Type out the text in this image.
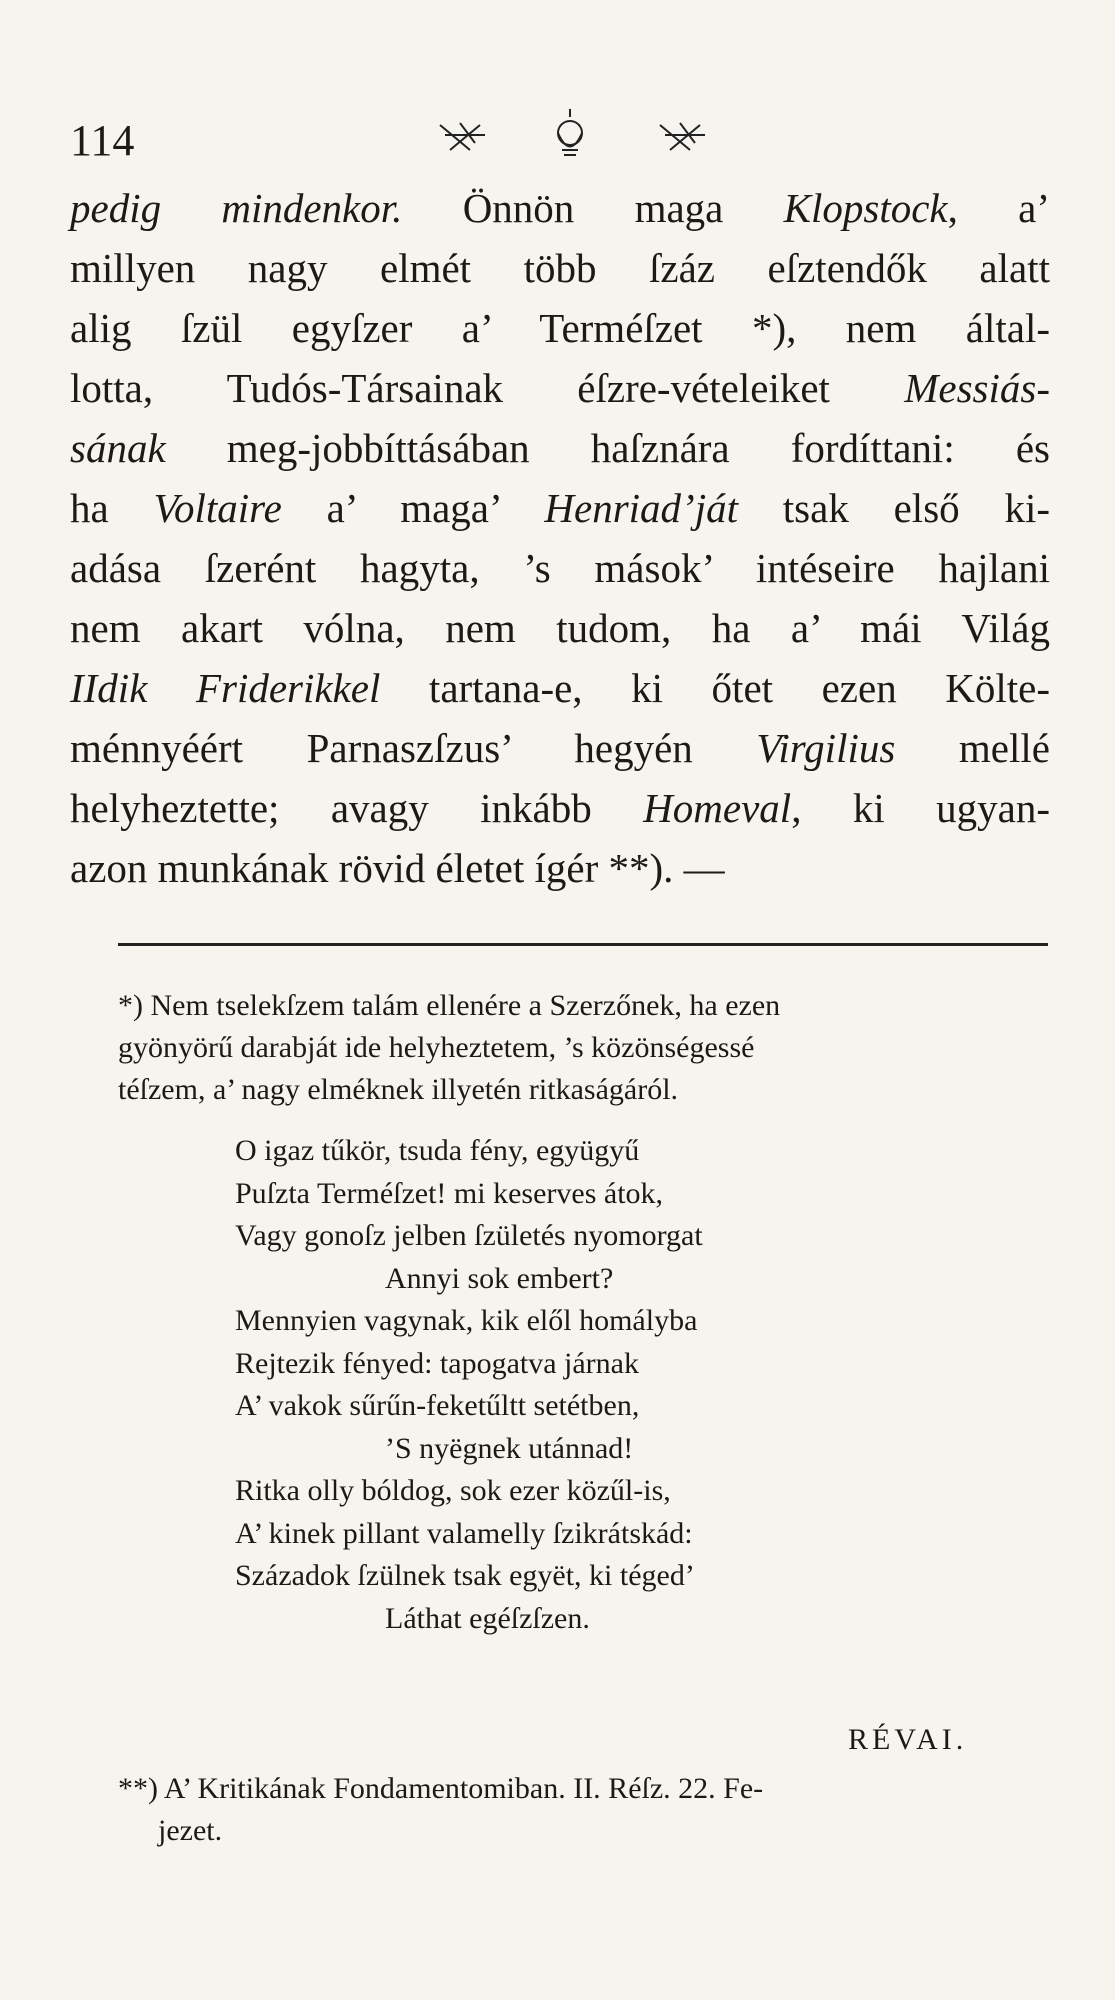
114
pedig mindenkor. Önnön maga Klopstock, a’
millyen nagy elmét több ſzáz eſztendők alatt
alig ſzül egyſzer a’ Terméſzet *), nem által-
lotta, Tudós-Társainak éſzre-vételeiket Messiás-
sának meg-jobbíttásában haſznára fordíttani: és
ha Voltaire a’ maga’ Henriad’ját tsak első ki-
adása ſzerént hagyta, ’s mások’ intéseire hajlani
nem akart vólna, nem tudom, ha a’ mái Világ
IIdik Friderikkel tartana-e, ki őtet ezen Költe-
ménnyéért Parnaszſzus’ hegyén Virgilius mellé
helyheztette; avagy inkább Homeval, ki ugyan-
azon munkának rövid életet ígér **). —
*) Nem tselekſzem talám ellenére a Szerzőnek, ha ezen
gyönyörű darabját ide helyheztetem, ’s közönségessé
téſzem, a’ nagy elméknek illyetén ritkaságáról.
O igaz tűkör, tsuda fény, együgyű
Puſzta Terméſzet! mi keserves átok,
Vagy gonoſz jelben ſzületés nyomorgat
Annyi sok embert?
Mennyien vagynak, kik elől homályba
Rejtezik fényed: tapogatva járnak
A’ vakok sűrűn-feketűltt setétben,
’S nyëgnek utánnad!
Ritka olly bóldog, sok ezer közűl-is,
A’ kinek pillant valamelly ſzikrátskád:
Századok ſzülnek tsak egyët, ki téged’
Láthat egéſzſzen.
RÉVAI.
**) A’ Kritikának Fondamentomiban. II. Réſz. 22. Fe-
jezet.
